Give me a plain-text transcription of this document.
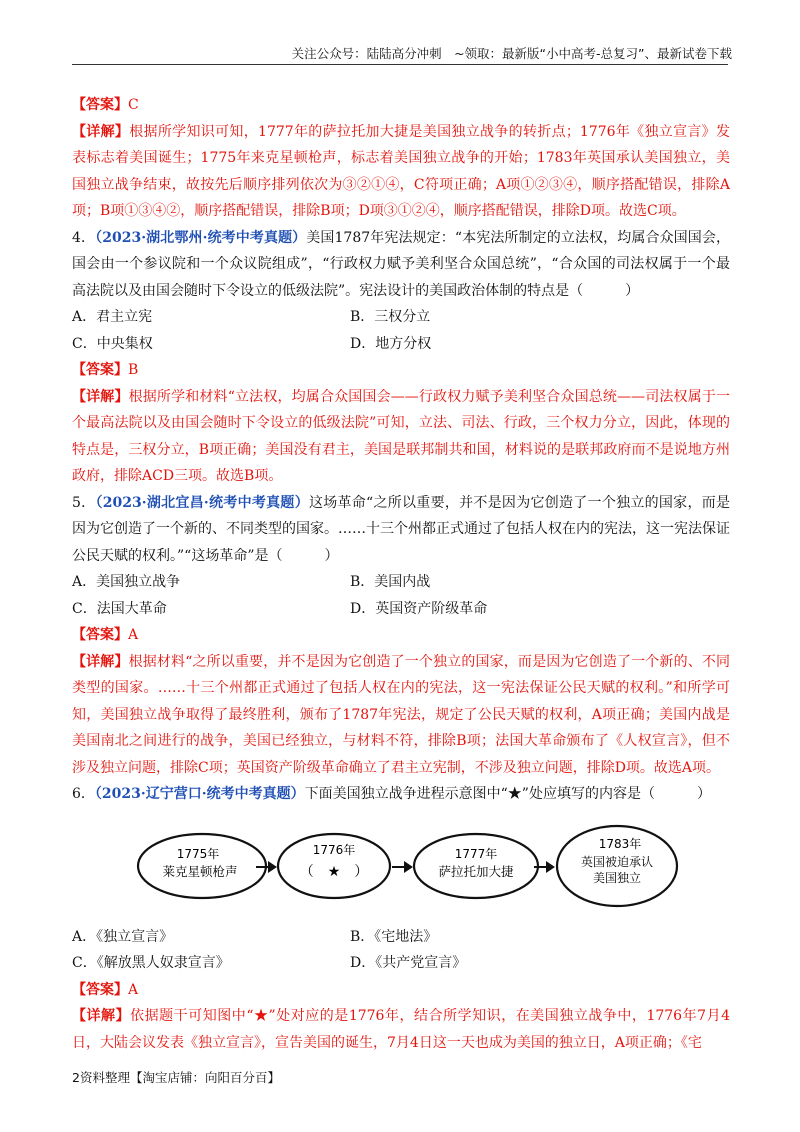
关注公众号：陆陆高分冲刺　~领取：最新版“小中高考-总复习”、最新试卷下载

【答案】C

【详解】根据所学知识可知，1777年的萨拉托加大捷是美国独立战争的转折点；1776年《独立宣言》发表标志着美国诞生；1775年来克星顿枪声，标志着美国独立战争的开始；1783年英国承认美国独立，美国独立战争结束，故按先后顺序排列依次为③②①④，C符项正确；A项①②③④，顺序搭配错误，排除A项；B项①③④②，顺序搭配错误，排除B项；D项③①②④，顺序搭配错误，排除D项。故选C项。

4．（2023·湖北鄂州·统考中考真题）美国1787年宪法规定：“本宪法所制定的立法权，均属合众国国会，国会由一个参议院和一个众议院组成”，“行政权力赋予美利坚合众国总统”，“合众国的司法权属于一个最高法院以及由国会随时下令设立的低级法院”。宪法设计的美国政治体制的特点是（　　　）

A．君主立宪	B．三权分立
C．中央集权	D．地方分权

【答案】B

【详解】根据所学和材料“立法权，均属合众国国会——行政权力赋予美利坚合众国总统——司法权属于一个最高法院以及由国会随时下令设立的低级法院”可知，立法、司法、行政，三个权力分立，因此，体现的特点是，三权分立，B项正确；美国没有君主，美国是联邦制共和国，材料说的是联邦政府而不是说地方州政府，排除ACD三项。故选B项。

5．（2023·湖北宜昌·统考中考真题）这场革命“之所以重要，并不是因为它创造了一个独立的国家，而是因为它创造了一个新的、不同类型的国家。……十三个州都正式通过了包括人权在内的宪法，这一宪法保证公民天赋的权利。”“这场革命”是（　　　）

A．美国独立战争	B．美国内战
C．法国大革命	D．英国资产阶级革命

【答案】A

【详解】根据材料“之所以重要，并不是因为它创造了一个独立的国家，而是因为它创造了一个新的、不同类型的国家。……十三个州都正式通过了包括人权在内的宪法，这一宪法保证公民天赋的权利。”和所学可知，美国独立战争取得了最终胜利，颁布了1787年宪法，规定了公民天赋的权利，A项正确；美国内战是美国南北之间进行的战争，美国已经独立，与材料不符，排除B项；法国大革命颁布了《人权宣言》，但不涉及独立问题，排除C项；英国资产阶级革命确立了君主立宪制，不涉及独立问题，排除D项。故选A项。

6．（2023·辽宁营口·统考中考真题）下面美国独立战争进程示意图中“★”处应填写的内容是（　　　）

1775年
莱克星顿枪声
1776年
（　★　）
1777年
萨拉托加大捷
1783年
英国被迫承认
美国独立
A．《独立宣言》	B．《宅地法》
C．《解放黑人奴隶宣言》	D．《共产党宣言》

【答案】A

【详解】依据题干可知图中“★”处对应的是1776年，结合所学知识，在美国独立战争中，1776年7月4日，大陆会议发表《独立宣言》，宣告美国的诞生，7月4日这一天也成为美国的独立日，A项正确；《宅

2资料整理【淘宝店铺：向阳百分百】
